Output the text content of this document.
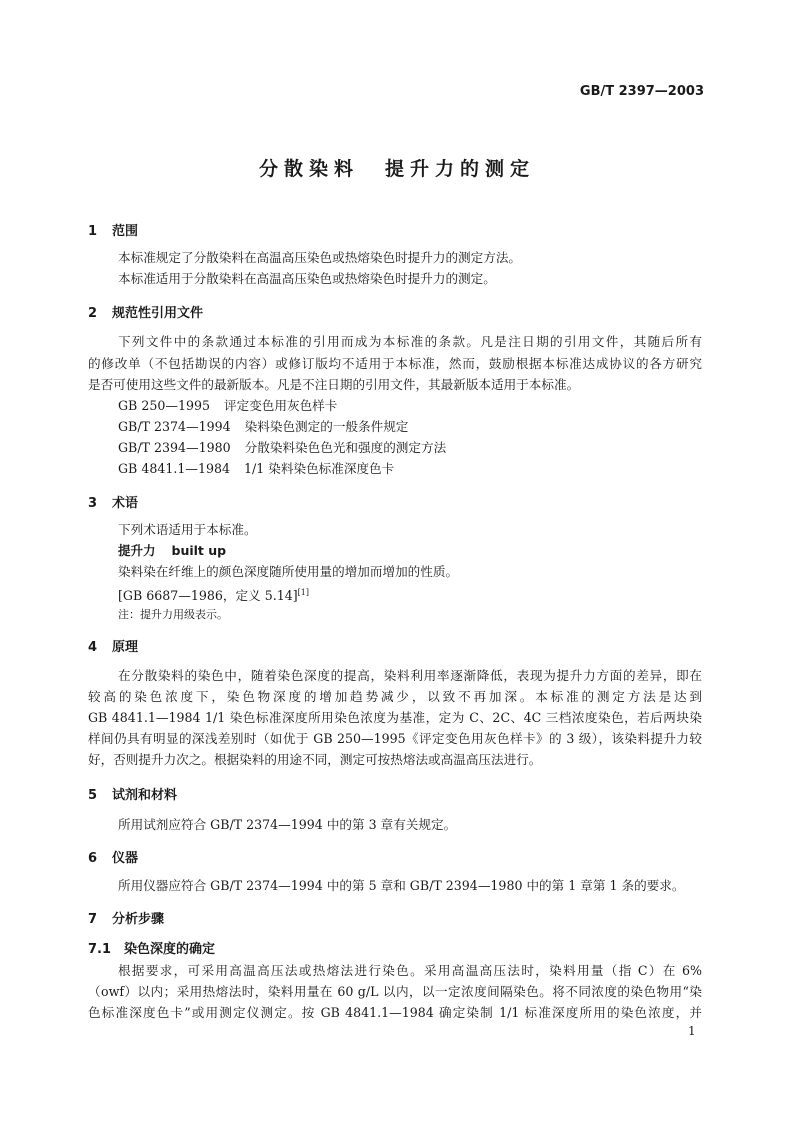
GB/T 2397—2003
分散染料 提升力的测定
1 范围
本标准规定了分散染料在高温高压染色或热熔染色时提升力的测定方法。
本标准适用于分散染料在高温高压染色或热熔染色时提升力的测定。
2 规范性引用文件
下列文件中的条款通过本标准的引用而成为本标准的条款。凡是注日期的引用文件，其随后所有
的修改单（不包括勘误的内容）或修订版均不适用于本标准，然而，鼓励根据本标准达成协议的各方研究
是否可使用这些文件的最新版本。凡是不注日期的引用文件，其最新版本适用于本标准。
GB 250—1995 评定变色用灰色样卡
GB/T 2374—1994 染料染色测定的一般条件规定
GB/T 2394—1980 分散染料染色色光和强度的测定方法
GB 4841.1—1984 1/1 染料染色标准深度色卡
3 术语
下列术语适用于本标准。
提升力 built up
染料染在纤维上的颜色深度随所使用量的增加而增加的性质。
[GB 6687—1986，定义 5.14][1]
注：提升力用级表示。
4 原理
在分散染料的染色中，随着染色深度的提高，染料利用率逐渐降低，表现为提升力方面的差异，即在
较高的染色浓度下，染色物深度的增加趋势减少，以致不再加深。本标准的测定方法是达到
GB 4841.1—1984 1/1 染色标准深度所用染色浓度为基准，定为 C、2C、4C 三档浓度染色，若后两块染
样间仍具有明显的深浅差别时（如优于 GB 250—1995《评定变色用灰色样卡》的 3 级），该染料提升力较
好，否则提升力次之。根据染料的用途不同，测定可按热熔法或高温高压法进行。
5 试剂和材料
所用试剂应符合 GB/T 2374—1994 中的第 3 章有关规定。
6 仪器
所用仪器应符合 GB/T 2374—1994 中的第 5 章和 GB/T 2394—1980 中的第 1 章第 1 条的要求。
7 分析步骤
7.1 染色深度的确定
根据要求，可采用高温高压法或热熔法进行染色。采用高温高压法时，染料用量（指 C）在 6%
（owf）以内；采用热熔法时，染料用量在 60 g/L 以内，以一定浓度间隔染色。将不同浓度的染色物用“染
色标准深度色卡”或用测定仪测定。按 GB 4841.1—1984 确定染制 1/1 标准深度所用的染色浓度，并
1
